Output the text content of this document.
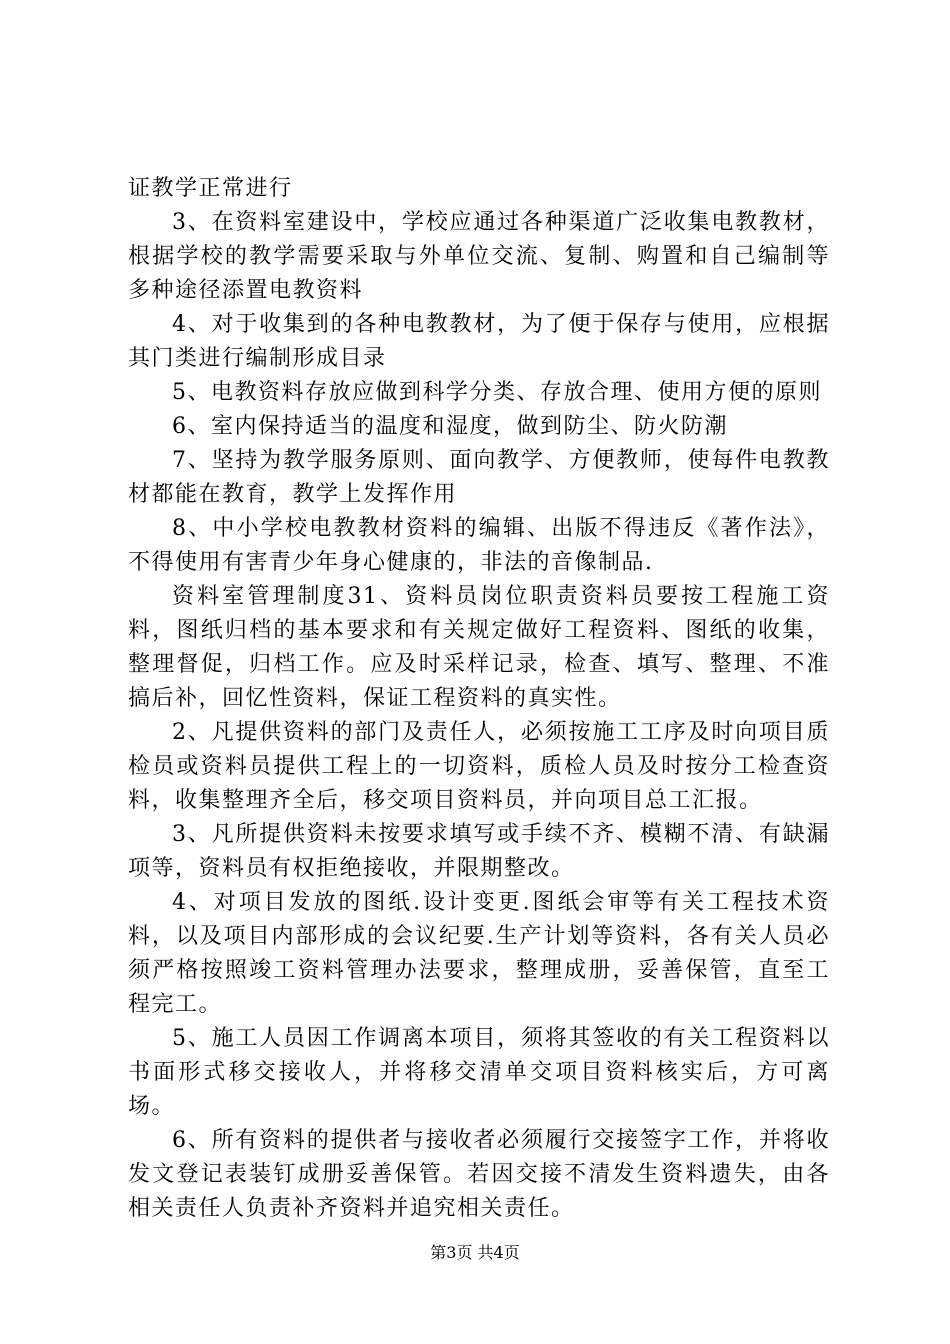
证教学正常进行

3、在资料室建设中，学校应通过各种渠道广泛收集电教教材，根据学校的教学需要采取与外单位交流、复制、购置和自己编制等多种途径添置电教资料

4、对于收集到的各种电教教材，为了便于保存与使用，应根据其门类进行编制形成目录

5、电教资料存放应做到科学分类、存放合理、使用方便的原则

6、室内保持适当的温度和湿度，做到防尘、防火防潮

7、坚持为教学服务原则、面向教学、方便教师，使每件电教教材都能在教育，教学上发挥作用

8、中小学校电教教材资料的编辑、出版不得违反《著作法》，不得使用有害青少年身心健康的，非法的音像制品.

资料室管理制度31、资料员岗位职责资料员要按工程施工资料，图纸归档的基本要求和有关规定做好工程资料、图纸的收集，整理督促，归档工作。应及时采样记录，检查、填写、整理、不准搞后补，回忆性资料，保证工程资料的真实性。

2、凡提供资料的部门及责任人，必须按施工工序及时向项目质检员或资料员提供工程上的一切资料，质检人员及时按分工检查资料，收集整理齐全后，移交项目资料员，并向项目总工汇报。

3、凡所提供资料未按要求填写或手续不齐、模糊不清、有缺漏项等，资料员有权拒绝接收，并限期整改。

4、对项目发放的图纸.设计变更.图纸会审等有关工程技术资料，以及项目内部形成的会议纪要.生产计划等资料，各有关人员必须严格按照竣工资料管理办法要求，整理成册，妥善保管，直至工程完工。

5、施工人员因工作调离本项目，须将其签收的有关工程资料以书面形式移交接收人，并将移交清单交项目资料核实后，方可离场。

6、所有资料的提供者与接收者必须履行交接签字工作，并将收发文登记表装钉成册妥善保管。若因交接不清发生资料遗失，由各相关责任人负责补齐资料并追究相关责任。

第3页 共4页
